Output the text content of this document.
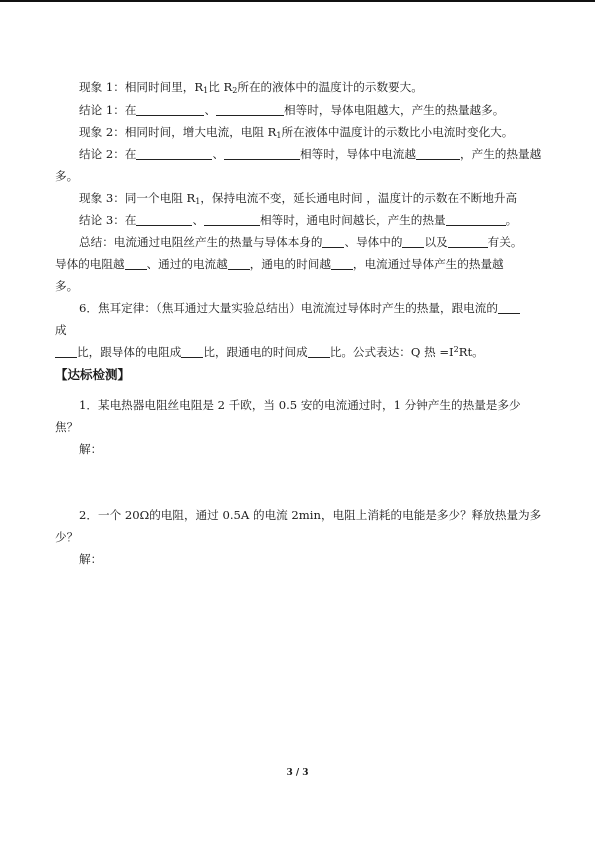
现象 1：相同时间里，$R_1$比 $R_2$所在的液体中的温度计的示数要大。
结论 1：在	、	相等时，导体电阻越大，产生的热量越多。
现象 2：相同时间，增大电流，电阻 $R_1$所在液体中温度计的示数比小电流时变化大。
结论 2：在	、	相等时，导体中电流越	，产生的热量越
多。
现象 3：同一个电阻 $R_1$，保持电流不变，延长通电时间 ，温度计的示数在不断地升高
结论 3：在	、	相等时，通电时间越长，产生的热量	。
总结：电流通过电阻丝产生的热量与导体本身的 、导体中的 以及	有关。
导体的电阻越 、通过的电流越 ，通电的时间越 ，电流通过导体产生的热量越
多。
6．焦耳定律：（焦耳通过大量实验总结出）电流流过导体时产生的热量，跟电流的
成
比，跟导体的电阻成 比，跟通电的时间成 比。公式表达：Q 热 $=I^2Rt$。
【达标检测】
1．某电热器电阻丝电阻是 2 千欧，当 0.5 安的电流通过时，1 分钟产生的热量是多少
焦？
解：
2．一个 20Ω的电阻，通过 0.5A 的电流 2min，电阻上消耗的电能是多少？释放热量为多
少？
解：
3 / 3
